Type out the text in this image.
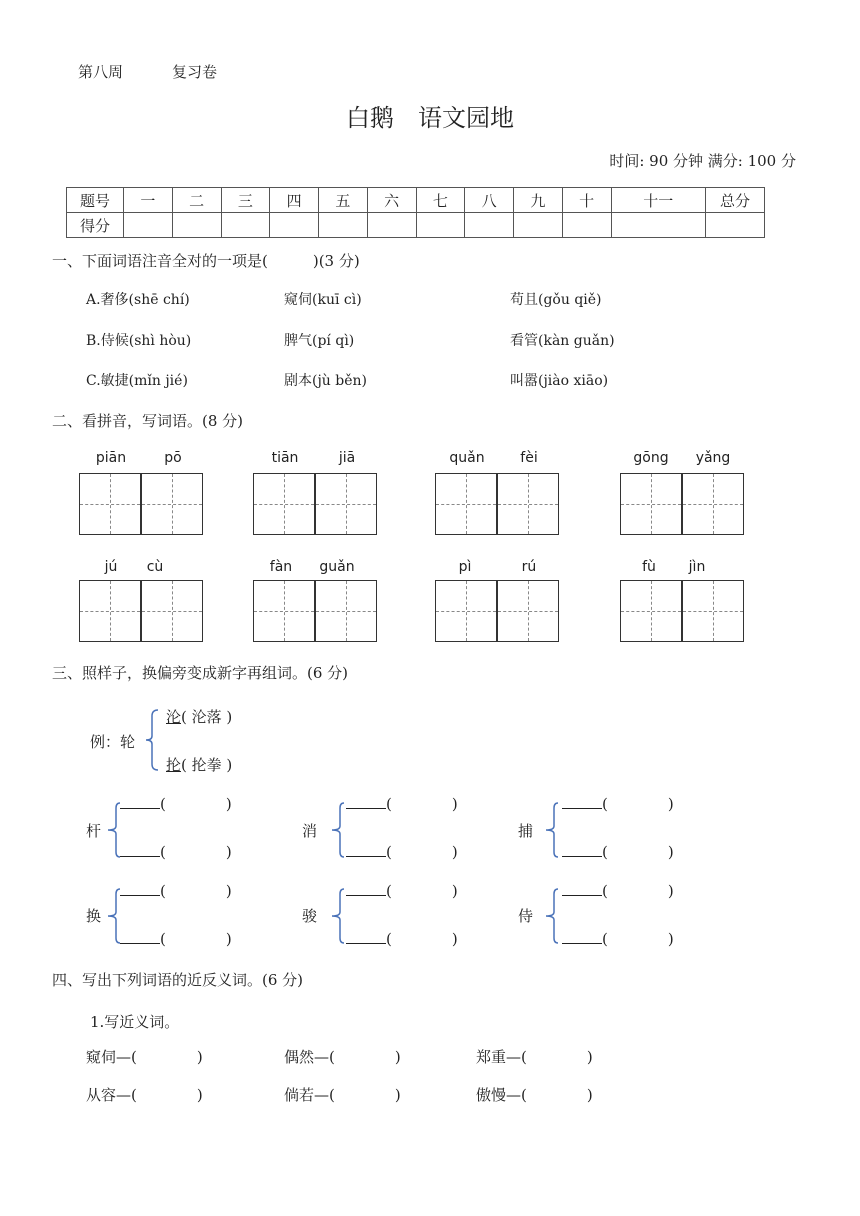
第八周	复习卷
白鹅　语文园地
时间: 90 分钟 满分: 100 分
题号	一	二	三	四	五	六	七	八	九	十	十一	总分
得分												
一、下面词语注音全对的一项是(　　　)(3 分)
A.奢侈(shē chí)	窥伺(kuī cì)	苟且(gǒu qiě)
B.侍候(shì hòu)	脾气(pí qì)	看管(kàn guǎn)
C.敏捷(mǐn jié)	剧本(jù běn)	叫嚣(jiào xiāo)
二、看拼音，写词语。(8 分)
piān	pō	tiān	jiā	quǎn	fèi	gōng	yǎng
jú	cù	fàn	guǎn	pì	rú	fù	jìn
三、照样子，换偏旁变成新字再组词。(6 分)
例：轮
沦( 沦落 )
抡( 抡拳 )
杆
(　　　　)
(　　　　)
消
(　　　　)
(　　　　)
捕
(　　　　)
(　　　　)
换
(　　　　)
(　　　　)
骏
(　　　　)
(　　　　)
侍
(　　　　)
(　　　　)
四、写出下列词语的近反义词。(6 分)
1.写近义词。
窥伺—(　　　　)	偶然—(　　　　)	郑重—(　　　　)
从容—(　　　　)	倘若—(　　　　)	傲慢—(　　　　)
